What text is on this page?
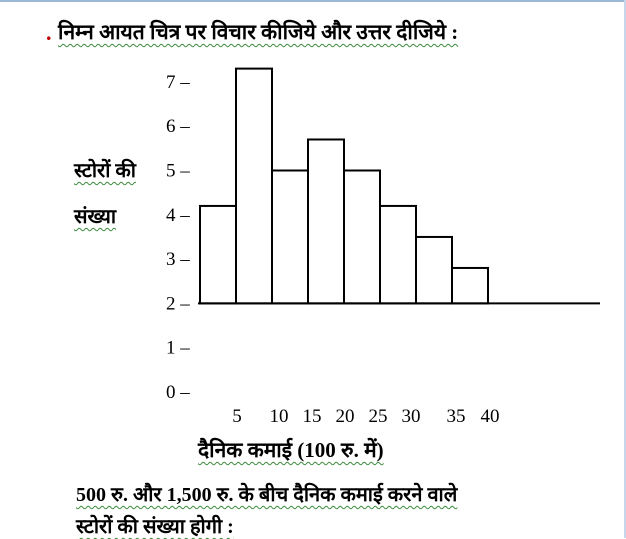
. निम्न आयत चित्र पर विचार कीजिये और उत्तर दीजिये :
स्टोरों की
संख्या
7 –
6 –
5 –
4 –
3 –
2 –
1 –
0 –
5 10 15 20 25 30 35 40
दैनिक कमाई (100 रु. में)
500 रु. और 1,500 रु. के बीच दैनिक कमाई करने वाले
स्टोरों की संख्या होगी :
